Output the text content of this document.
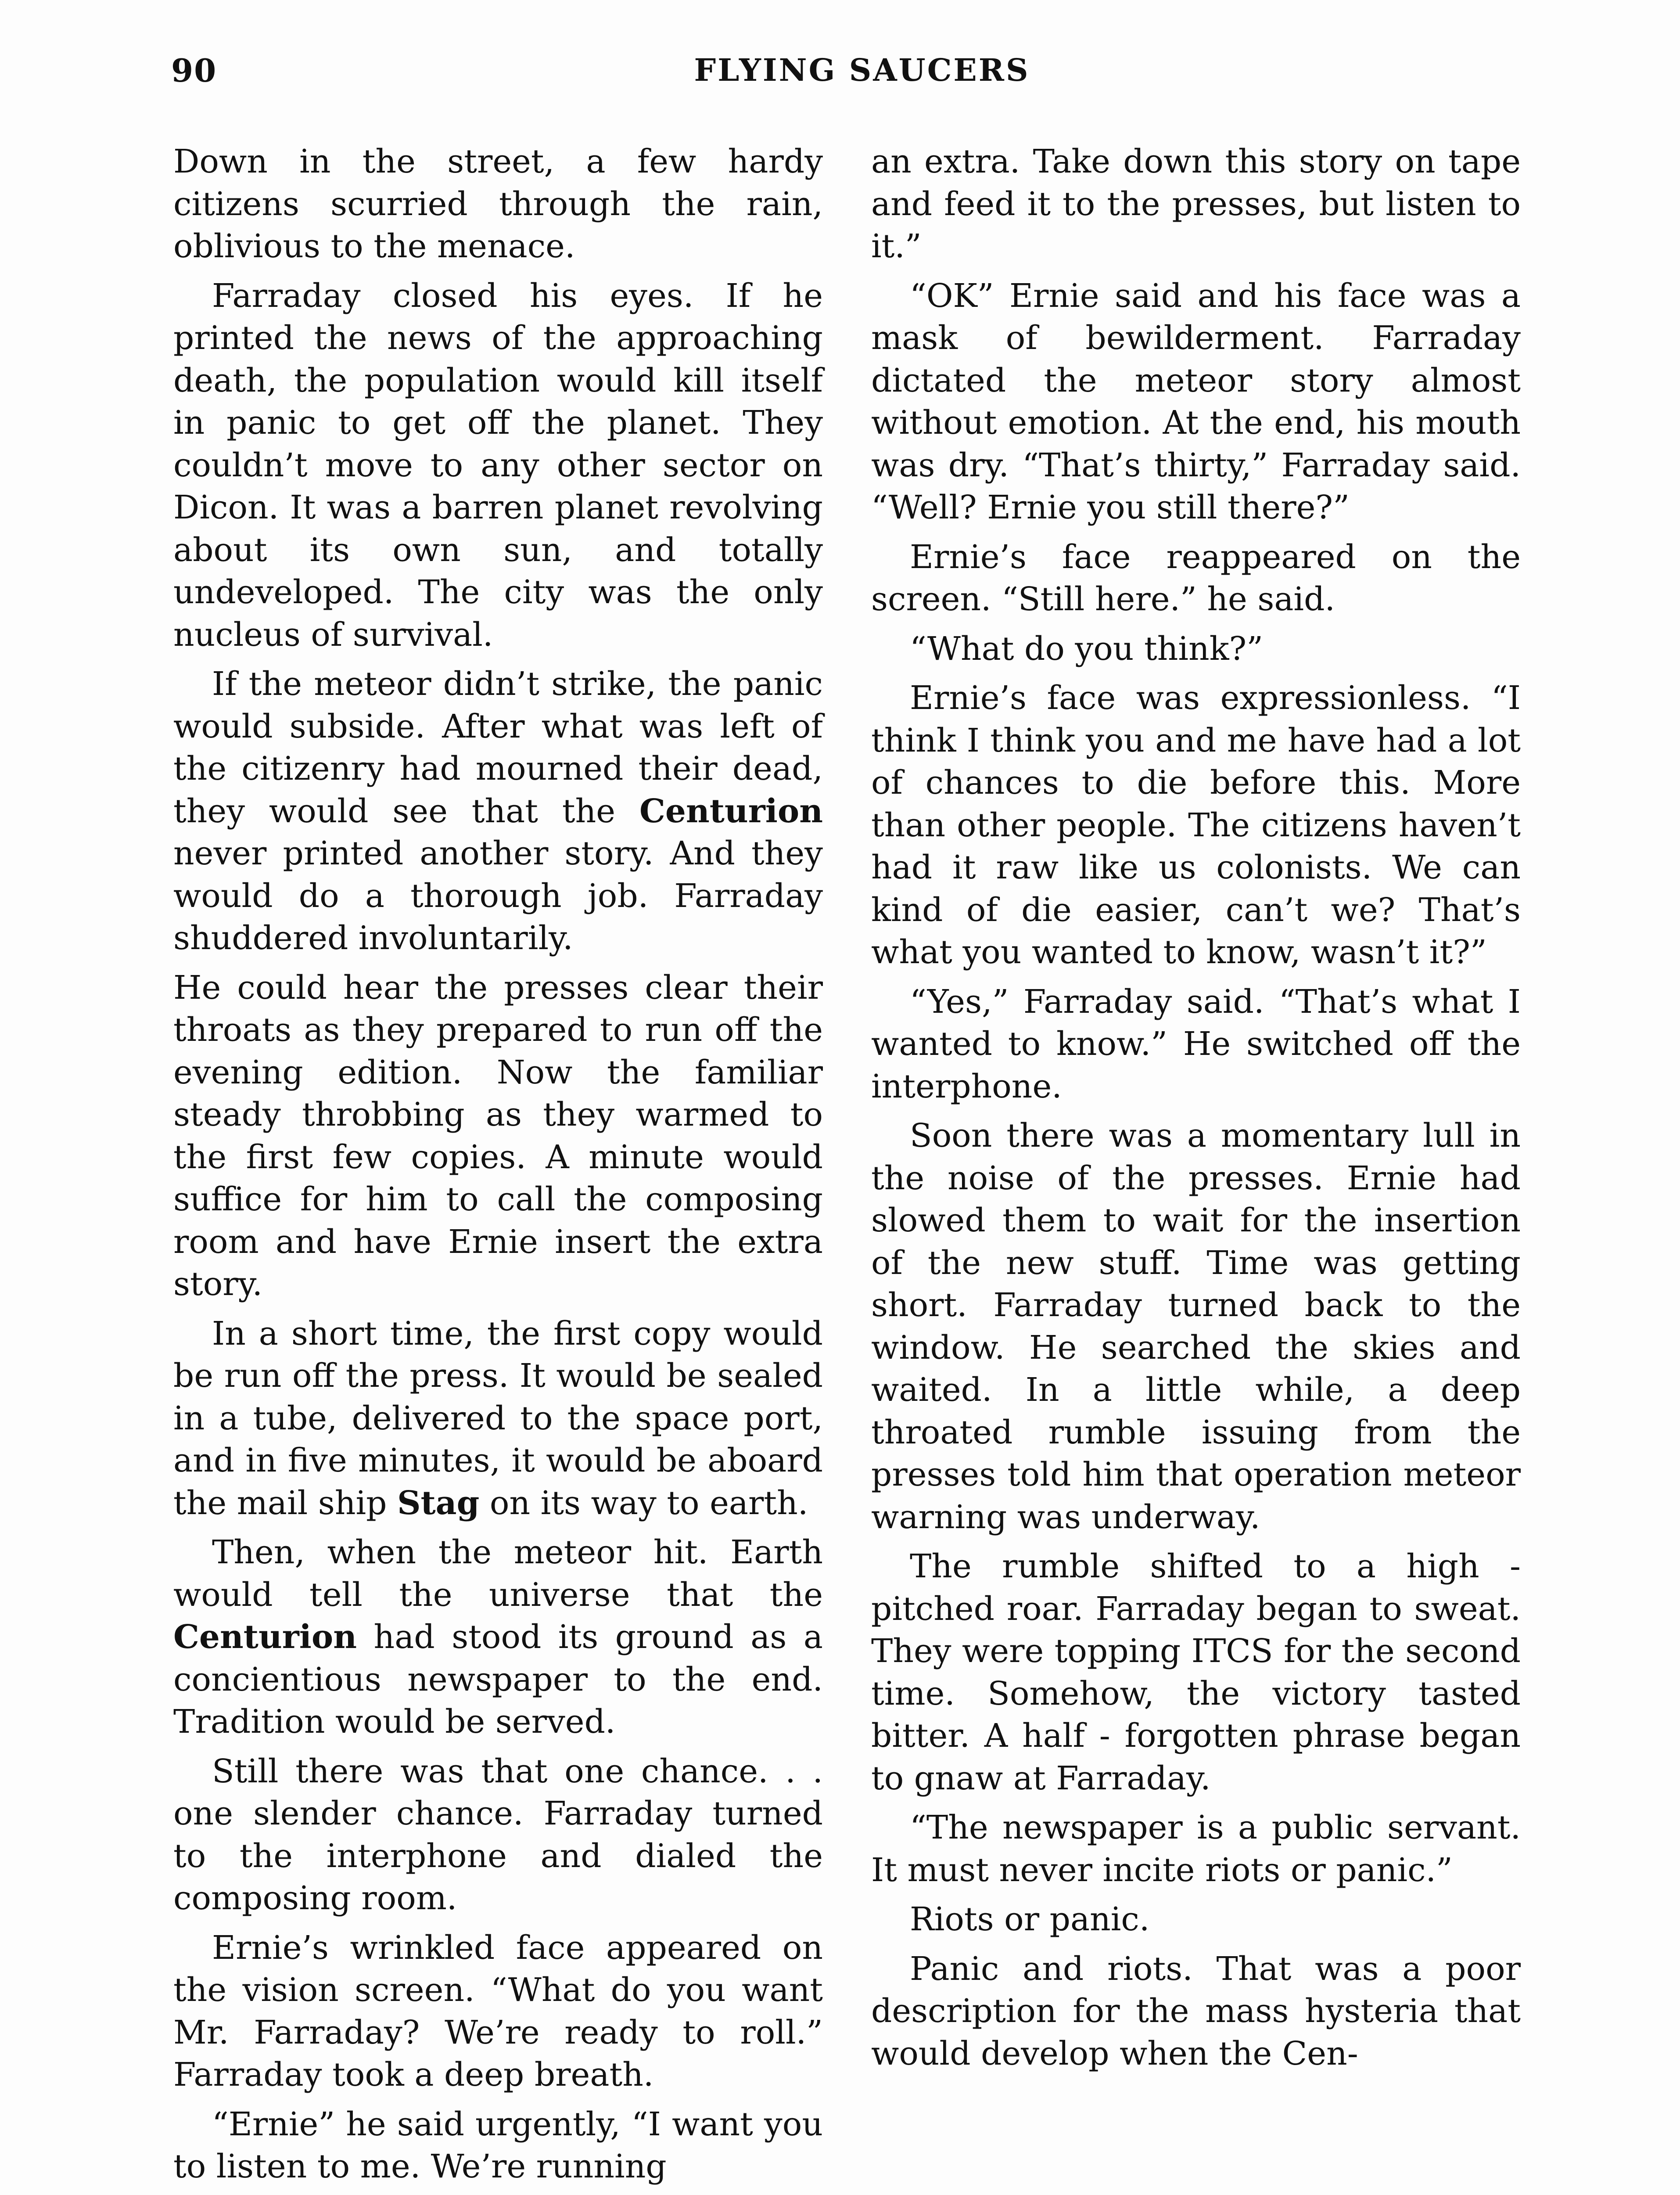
90	FLYING SAUCERS

Down in the street, a few hardy citizens scurried through the rain, oblivious to the menace.

Farraday closed his eyes. If he printed the news of the approaching death, the population would kill itself in panic to get off the planet. They couldn’t move to any other sector on Dicon. It was a barren planet revolving about its own sun, and totally undeveloped. The city was the only nucleus of survival.

If the meteor didn’t strike, the panic would subside. After what was left of the citizenry had mourned their dead, they would see that the Centurion never printed another story. And they would do a thorough job. Farraday shuddered involuntarily.

He could hear the presses clear their throats as they prepared to run off the evening edition. Now the familiar steady throbbing as they warmed to the first few copies. A minute would suffice for him to call the composing room and have Ernie insert the extra story.

In a short time, the first copy would be run off the press. It would be sealed in a tube, delivered to the space port, and in five minutes, it would be aboard the mail ship Stag on its way to earth.

Then, when the meteor hit. Earth would tell the universe that the Centurion had stood its ground as a concientious newspaper to the end. Tradition would be served.

Still there was that one chance. . . one slender chance. Farraday turned to the interphone and dialed the composing room.

Ernie’s wrinkled face appeared on the vision screen. “What do you want Mr. Farraday? We’re ready to roll.” Farraday took a deep breath.

“Ernie” he said urgently, “I want you to listen to me. We’re running

an extra. Take down this story on tape and feed it to the presses, but listen to it.”

“OK” Ernie said and his face was a mask of bewilderment. Farraday dictated the meteor story almost without emotion. At the end, his mouth was dry. “That’s thirty,” Farraday said. “Well? Ernie you still there?”

Ernie’s face reappeared on the screen. “Still here.” he said.

“What do you think?”

Ernie’s face was expressionless. “I think I think you and me have had a lot of chances to die before this. More than other people. The citizens haven’t had it raw like us colonists. We can kind of die easier, can’t we? That’s what you wanted to know, wasn’t it?”

“Yes,” Farraday said. “That’s what I wanted to know.” He switched off the interphone.

Soon there was a momentary lull in the noise of the presses. Ernie had slowed them to wait for the insertion of the new stuff. Time was getting short. Farraday turned back to the window. He searched the skies and waited. In a little while, a deep throated rumble issuing from the presses told him that operation meteor warning was underway.

The rumble shifted to a high - pitched roar. Farraday began to sweat. They were topping ITCS for the second time. Somehow, the victory tasted bitter. A half - forgotten phrase began to gnaw at Farraday.

“The newspaper is a public servant. It must never incite riots or panic.”

Riots or panic.

Panic and riots. That was a poor description for the mass hysteria that would develop when the Cen-
